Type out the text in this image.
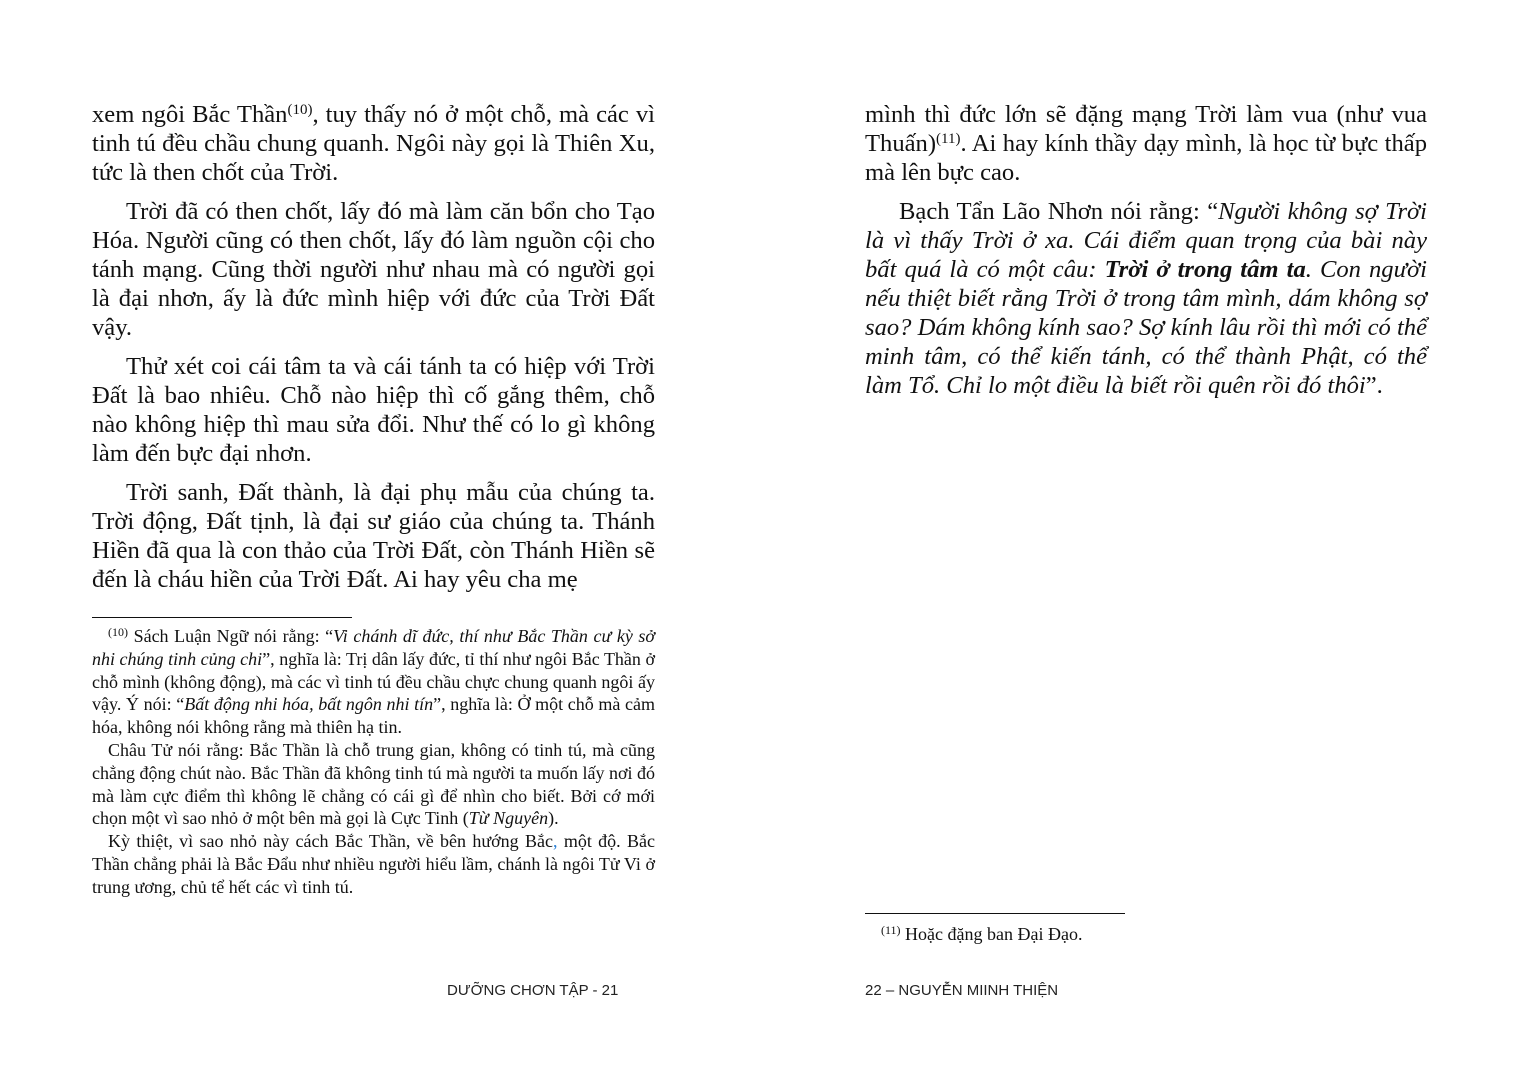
xem ngôi Bắc Thần$^{(10)}$, tuy thấy nó ở một chỗ, mà các vì tinh tú đều chầu chung quanh. Ngôi này gọi là Thiên Xu, tức là then chốt của Trời.

Trời đã có then chốt, lấy đó mà làm căn bổn cho Tạo Hóa. Người cũng có then chốt, lấy đó làm nguồn cội cho tánh mạng. Cũng thời người như nhau mà có người gọi là đại nhơn, ấy là đức mình hiệp với đức của Trời Đất vậy.

Thử xét coi cái tâm ta và cái tánh ta có hiệp với Trời Đất là bao nhiêu. Chỗ nào hiệp thì cố gắng thêm, chỗ nào không hiệp thì mau sửa đổi. Như thế có lo gì không làm đến bực đại nhơn.

Trời sanh, Đất thành, là đại phụ mẫu của chúng ta. Trời động, Đất tịnh, là đại sư giáo của chúng ta. Thánh Hiền đã qua là con thảo của Trời Đất, còn Thánh Hiền sẽ đến là cháu hiền của Trời Đất. Ai hay yêu cha mẹ

$^{(10)}$ Sách Luận Ngữ nói rằng: “Vi chánh dĩ đức, thí như Bắc Thần cư kỳ sở nhi chúng tinh củng chi”, nghĩa là: Trị dân lấy đức, tỉ thí như ngôi Bắc Thần ở chỗ mình (không động), mà các vì tinh tú đều chầu chực chung quanh ngôi ấy vậy. Ý nói: “Bất động nhi hóa, bất ngôn nhi tín”, nghĩa là: Ở một chỗ mà cảm hóa, không nói không rằng mà thiên hạ tin.

Châu Tử nói rằng: Bắc Thần là chỗ trung gian, không có tinh tú, mà cũng chẳng động chút nào. Bắc Thần đã không tinh tú mà người ta muốn lấy nơi đó mà làm cực điểm thì không lẽ chẳng có cái gì để nhìn cho biết. Bởi cớ mới chọn một vì sao nhỏ ở một bên mà gọi là Cực Tinh (Từ Nguyên).

Kỳ thiệt, vì sao nhỏ này cách Bắc Thần, về bên hướng Bắc, một độ. Bắc Thần chẳng phải là Bắc Đẩu như nhiều người hiểu lầm, chánh là ngôi Tử Vi ở trung ương, chủ tể hết các vì tinh tú.

DƯỠNG CHƠN TẬP - 21

mình thì đức lớn sẽ đặng mạng Trời làm vua (như vua Thuấn)$^{(11)}$. Ai hay kính thầy dạy mình, là học từ bực thấp mà lên bực cao.

Bạch Tẩn Lão Nhơn nói rằng: “Người không sợ Trời là vì thấy Trời ở xa. Cái điểm quan trọng của bài này bất quá là có một câu: Trời ở trong tâm ta. Con người nếu thiệt biết rằng Trời ở trong tâm mình, dám không sợ sao? Dám không kính sao? Sợ kính lâu rồi thì mới có thể minh tâm, có thể kiến tánh, có thể thành Phật, có thể làm Tổ. Chỉ lo một điều là biết rồi quên rồi đó thôi”.

$^{(11)}$ Hoặc đặng ban Đại Đạo.

22 – NGUYỄN MIINH THIỆN
